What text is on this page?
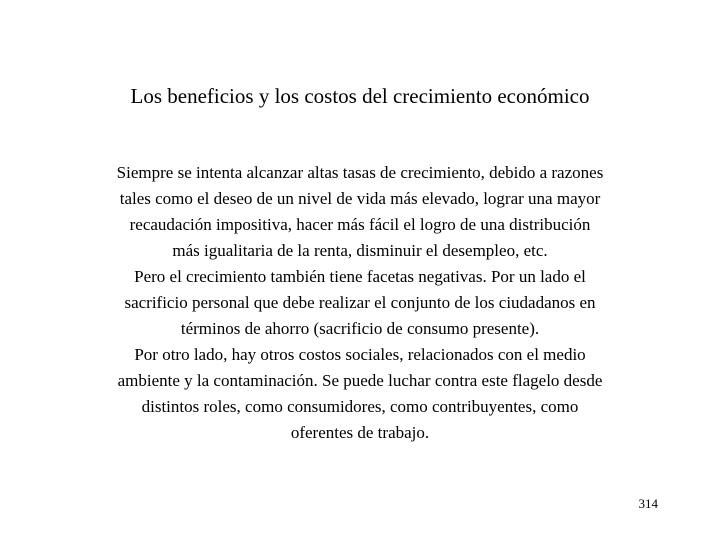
Los beneficios y los costos del crecimiento económico
Siempre se intenta alcanzar altas tasas de crecimiento, debido a razones
tales como el deseo de un nivel de vida más elevado, lograr una mayor
recaudación impositiva, hacer más fácil el logro de una distribución
más igualitaria de la renta, disminuir el desempleo, etc.
Pero el crecimiento también tiene facetas negativas. Por un lado el
sacrificio personal que debe realizar el conjunto de los ciudadanos en
términos de ahorro (sacrificio de consumo presente).
Por otro lado, hay otros costos sociales, relacionados con el medio
ambiente y la contaminación. Se puede luchar contra este flagelo desde
distintos roles, como consumidores, como contribuyentes, como
oferentes de trabajo.
314
